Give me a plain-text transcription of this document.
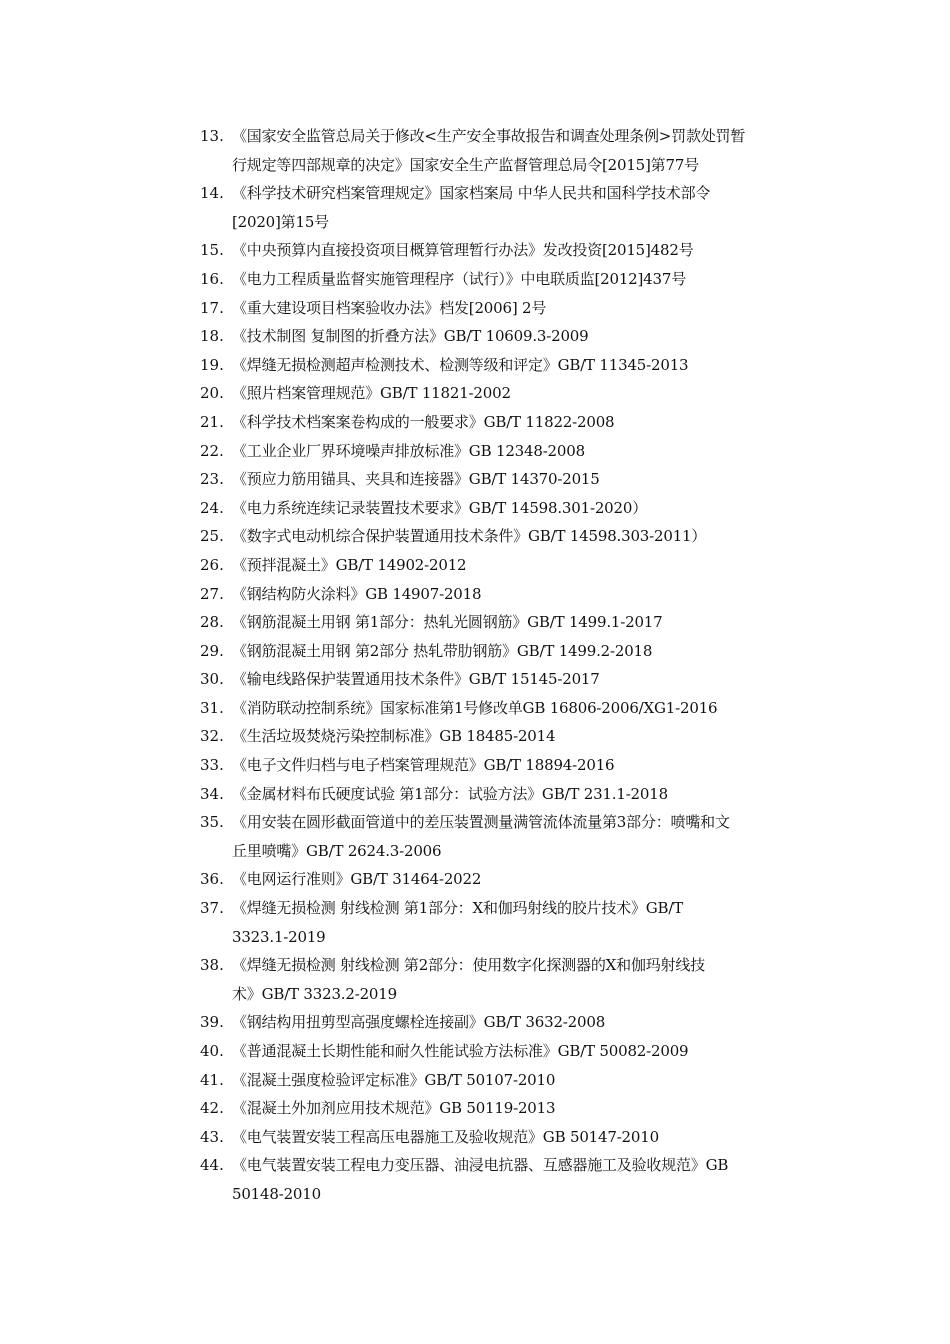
13. 《国家安全监管总局关于修改<生产安全事故报告和调查处理条例>罚款处罚暂
行规定等四部规章的决定》国家安全生产监督管理总局令[2015]第77号
14. 《科学技术研究档案管理规定》国家档案局 中华人民共和国科学技术部令
[2020]第15号
15. 《中央预算内直接投资项目概算管理暂行办法》发改投资[2015]482号
16. 《电力工程质量监督实施管理程序（试行）》中电联质监[2012]437号
17. 《重大建设项目档案验收办法》档发[2006] 2号
18. 《技术制图 复制图的折叠方法》GB/T 10609.3-2009
19. 《焊缝无损检测超声检测技术、检测等级和评定》GB/T 11345-2013
20. 《照片档案管理规范》GB/T 11821-2002
21. 《科学技术档案案卷构成的一般要求》GB/T 11822-2008
22. 《工业企业厂界环境噪声排放标准》GB 12348-2008
23. 《预应力筋用锚具、夹具和连接器》GB/T 14370-2015
24. 《电力系统连续记录装置技术要求》GB/T 14598.301-2020）
25. 《数字式电动机综合保护装置通用技术条件》GB/T 14598.303-2011）
26. 《预拌混凝土》GB/T 14902-2012
27. 《钢结构防火涂料》GB 14907-2018
28. 《钢筋混凝土用钢 第1部分：热轧光圆钢筋》GB/T 1499.1-2017
29. 《钢筋混凝土用钢 第2部分 热轧带肋钢筋》GB/T 1499.2-2018
30. 《输电线路保护装置通用技术条件》GB/T 15145-2017
31. 《消防联动控制系统》国家标准第1号修改单GB 16806-2006/XG1-2016
32. 《生活垃圾焚烧污染控制标准》GB 18485-2014
33. 《电子文件归档与电子档案管理规范》GB/T 18894-2016
34. 《金属材料布氏硬度试验 第1部分：试验方法》GB/T 231.1-2018
35. 《用安装在圆形截面管道中的差压装置测量满管流体流量第3部分：喷嘴和文
丘里喷嘴》GB/T 2624.3-2006
36. 《电网运行准则》GB/T 31464-2022
37. 《焊缝无损检测 射线检测 第1部分：X和伽玛射线的胶片技术》GB/T
3323.1-2019
38. 《焊缝无损检测 射线检测 第2部分：使用数字化探测器的X和伽玛射线技
术》GB/T 3323.2-2019
39. 《钢结构用扭剪型高强度螺栓连接副》GB/T 3632-2008
40. 《普通混凝土长期性能和耐久性能试验方法标准》GB/T 50082-2009
41. 《混凝土强度检验评定标准》GB/T 50107-2010
42. 《混凝土外加剂应用技术规范》GB 50119-2013
43. 《电气装置安装工程高压电器施工及验收规范》GB 50147-2010
44. 《电气装置安装工程电力变压器、油浸电抗器、互感器施工及验收规范》GB
50148-2010
